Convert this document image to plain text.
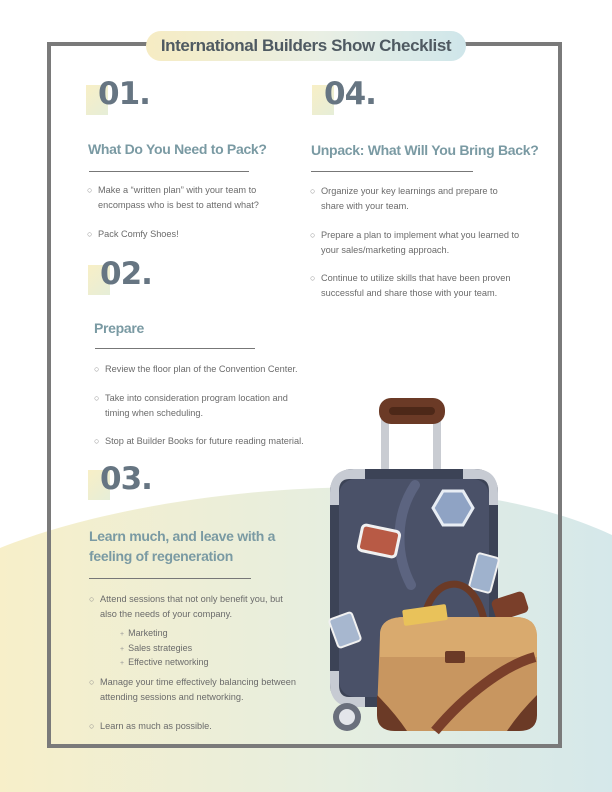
International Builders Show Checklist
01.
What Do You Need to Pack?
○ Make a “written plan” with your team to encompass who is best to attend what?
○ Pack Comfy Shoes!
02.
Prepare
○ Review the floor plan of the Convention Center.
○ Take into consideration program location and timing when scheduling.
○ Stop at Builder Books for future reading material.
03.
Learn much, and leave with a feeling of regeneration
○ Attend sessions that not only benefit you, but also the needs of your company.
+ Marketing
+ Sales strategies
+ Effective networking
○ Manage your time effectively balancing between attending sessions and networking.
○ Learn as much as possible.
04.
Unpack: What Will You Bring Back?
○ Organize your key learnings and prepare to share with your team.
○ Prepare a plan to implement what you learned to your sales/marketing approach.
○ Continue to utilize skills that have been proven successful and share those with your team.
